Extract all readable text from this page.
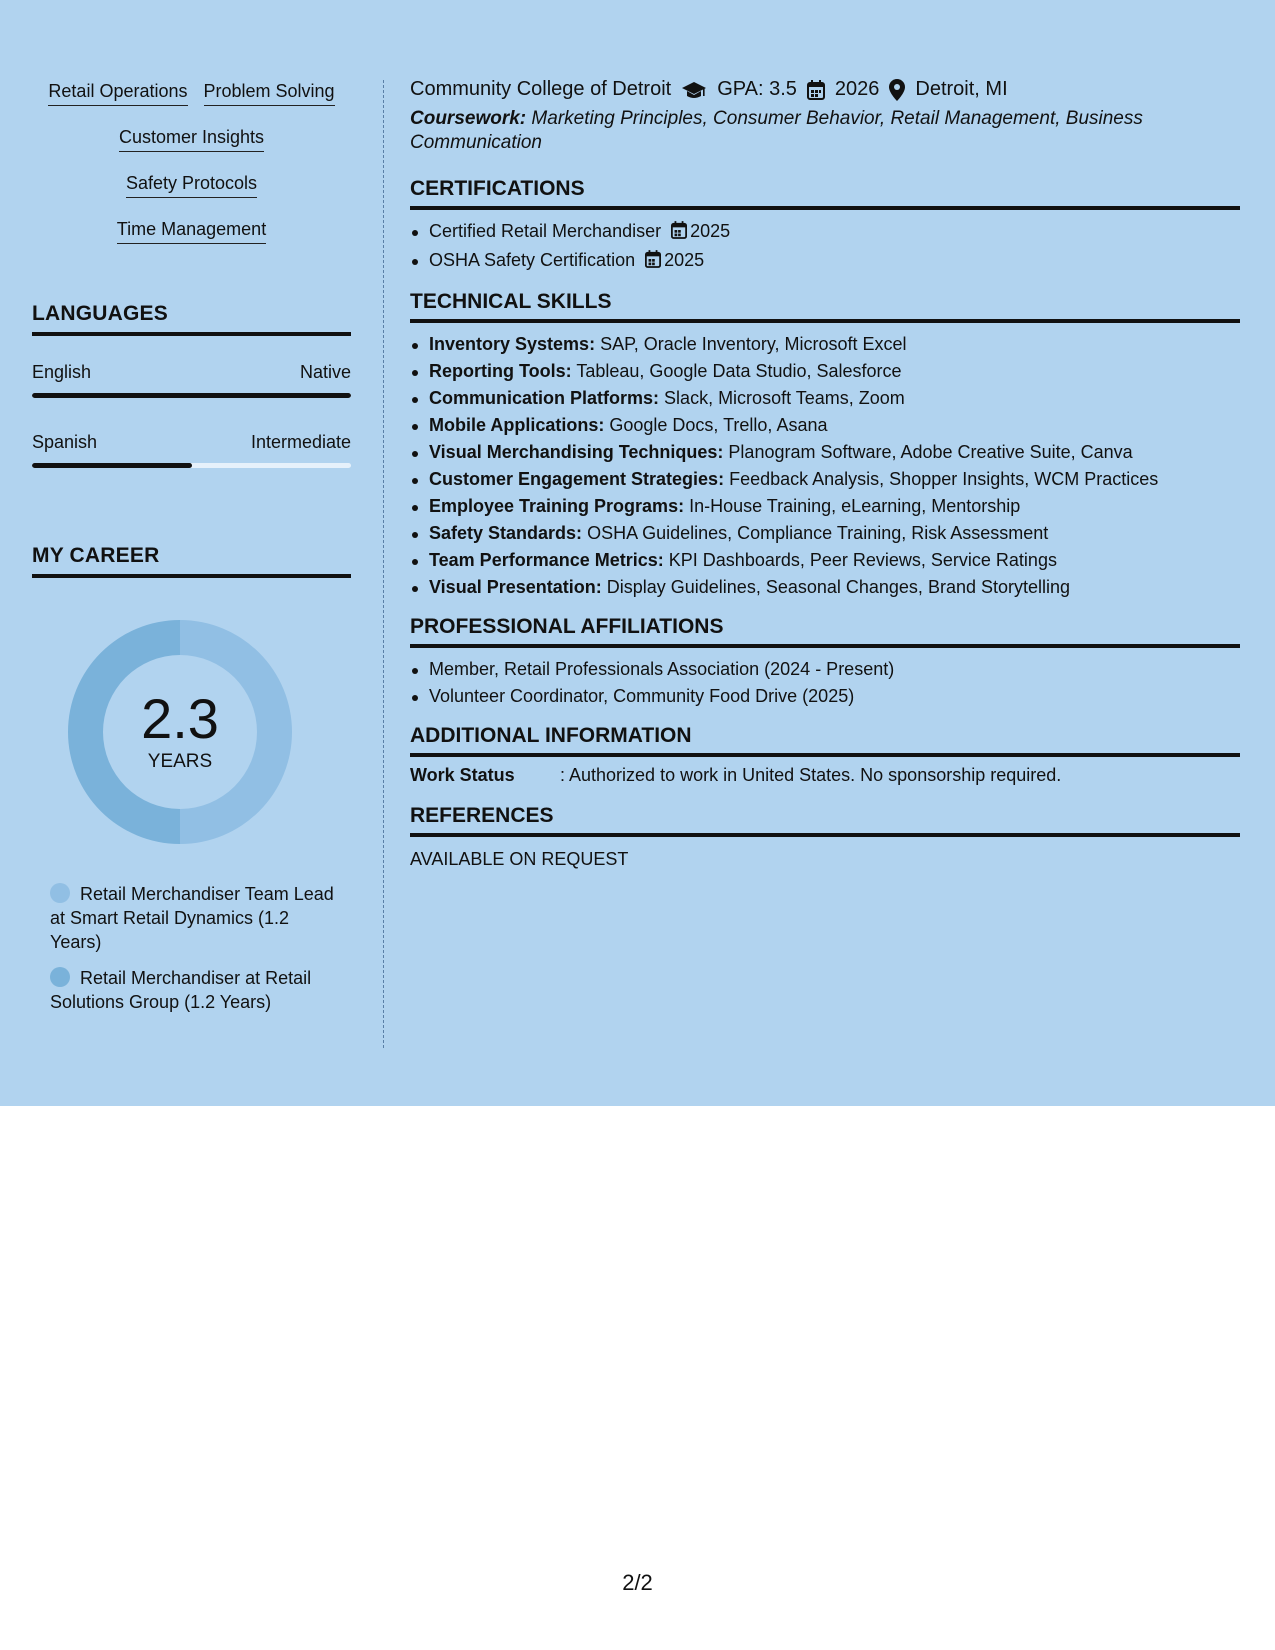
Retail Operations Problem Solving
Customer Insights
Safety Protocols
Time Management
LANGUAGES
English	Native
Spanish	Intermediate
MY CAREER
2.3
YEARS
Retail Merchandiser Team Lead at Smart Retail Dynamics (1.2 Years)
Retail Merchandiser at Retail Solutions Group (1.2 Years)
Community College of Detroit GPA: 3.5 2026 Detroit, MI
Coursework: Marketing Principles, Consumer Behavior, Retail Management, Business Communication
CERTIFICATIONS
Certified Retail Merchandiser 2025
OSHA Safety Certification 2025
TECHNICAL SKILLS
Inventory Systems: SAP, Oracle Inventory, Microsoft Excel
Reporting Tools: Tableau, Google Data Studio, Salesforce
Communication Platforms: Slack, Microsoft Teams, Zoom
Mobile Applications: Google Docs, Trello, Asana
Visual Merchandising Techniques: Planogram Software, Adobe Creative Suite, Canva
Customer Engagement Strategies: Feedback Analysis, Shopper Insights, WCM Practices
Employee Training Programs: In-House Training, eLearning, Mentorship
Safety Standards: OSHA Guidelines, Compliance Training, Risk Assessment
Team Performance Metrics: KPI Dashboards, Peer Reviews, Service Ratings
Visual Presentation: Display Guidelines, Seasonal Changes, Brand Storytelling
PROFESSIONAL AFFILIATIONS
Member, Retail Professionals Association (2024 - Present)
Volunteer Coordinator, Community Food Drive (2025)
ADDITIONAL INFORMATION
Work Status	: Authorized to work in United States. No sponsorship required.
REFERENCES
AVAILABLE ON REQUEST
2/2
